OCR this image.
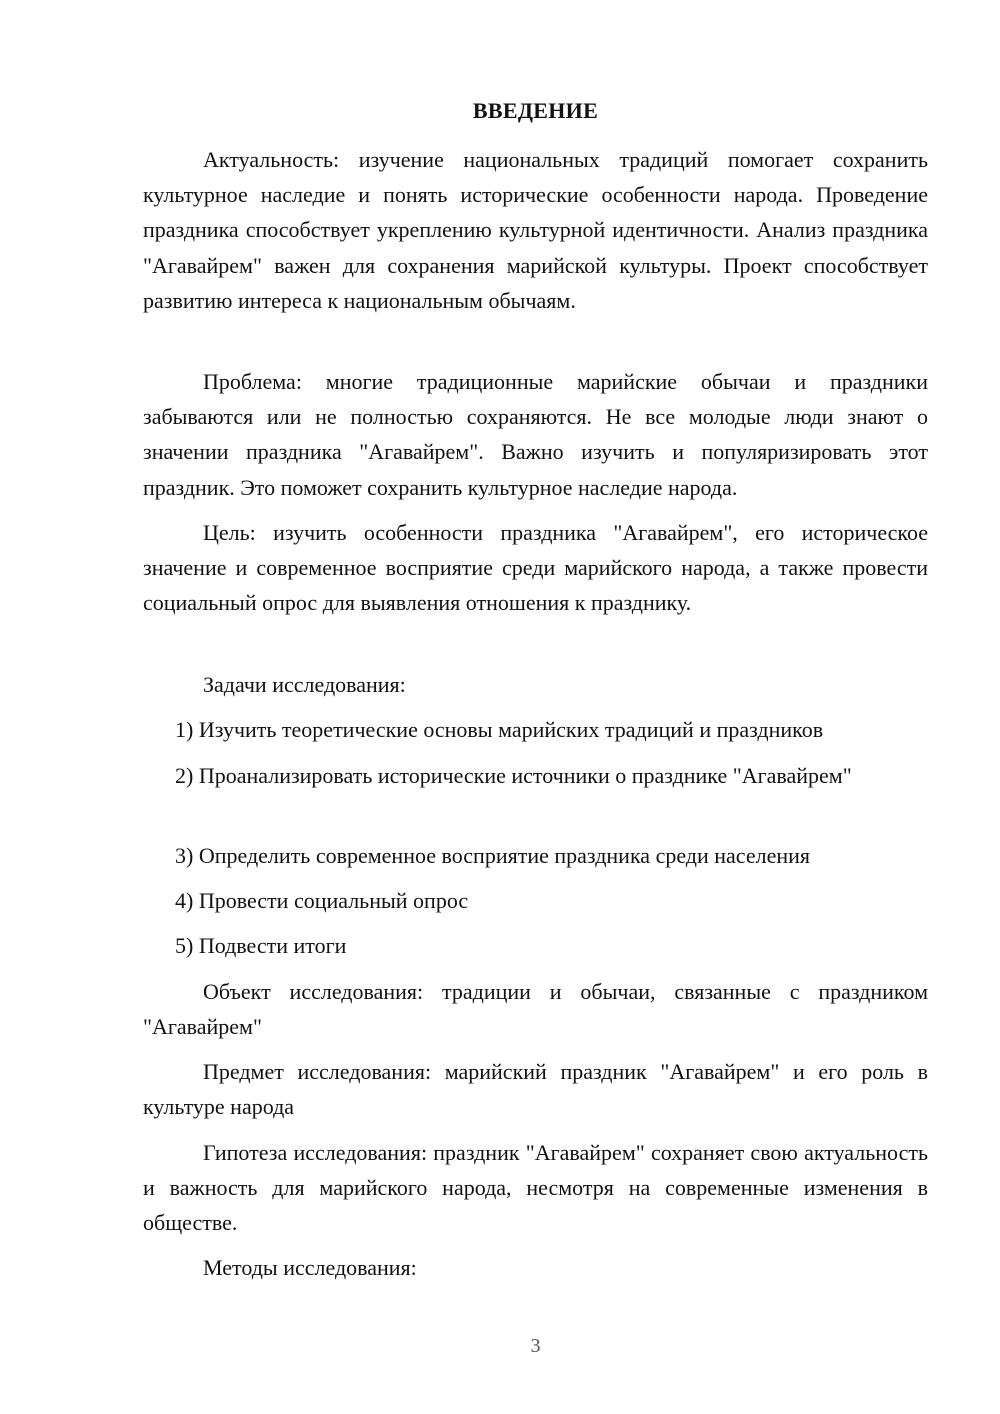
ВВЕДЕНИЕ

Актуальность: изучение национальных традиций помогает сохранить культурное наследие и понять исторические особенности народа. Проведение праздника способствует укреплению культурной идентичности. Анализ праздника "Агавайрем" важен для сохранения марийской культуры. Проект способствует развитию интереса к национальным обычаям.

Проблема: многие традиционные марийские обычаи и праздники забываются или не полностью сохраняются. Не все молодые люди знают о значении праздника "Агавайрем". Важно изучить и популяризировать этот праздник. Это поможет сохранить культурное наследие народа.

Цель: изучить особенности праздника "Агавайрем", его историческое значение и современное восприятие среди марийского народа, а также провести социальный опрос для выявления отношения к празднику.

Задачи исследования:

1) Изучить теоретические основы марийских традиций и праздников

2) Проанализировать исторические источники о празднике "Агавайрем"

3) Определить современное восприятие праздника среди населения

4) Провести социальный опрос

5) Подвести итоги

Объект исследования: традиции и обычаи, связанные с праздником "Агавайрем"

Предмет исследования: марийский праздник "Агавайрем" и его роль в культуре народа

Гипотеза исследования: праздник "Агавайрем" сохраняет свою актуальность и важность для марийского народа, несмотря на современные изменения в обществе.

Методы исследования:

3
